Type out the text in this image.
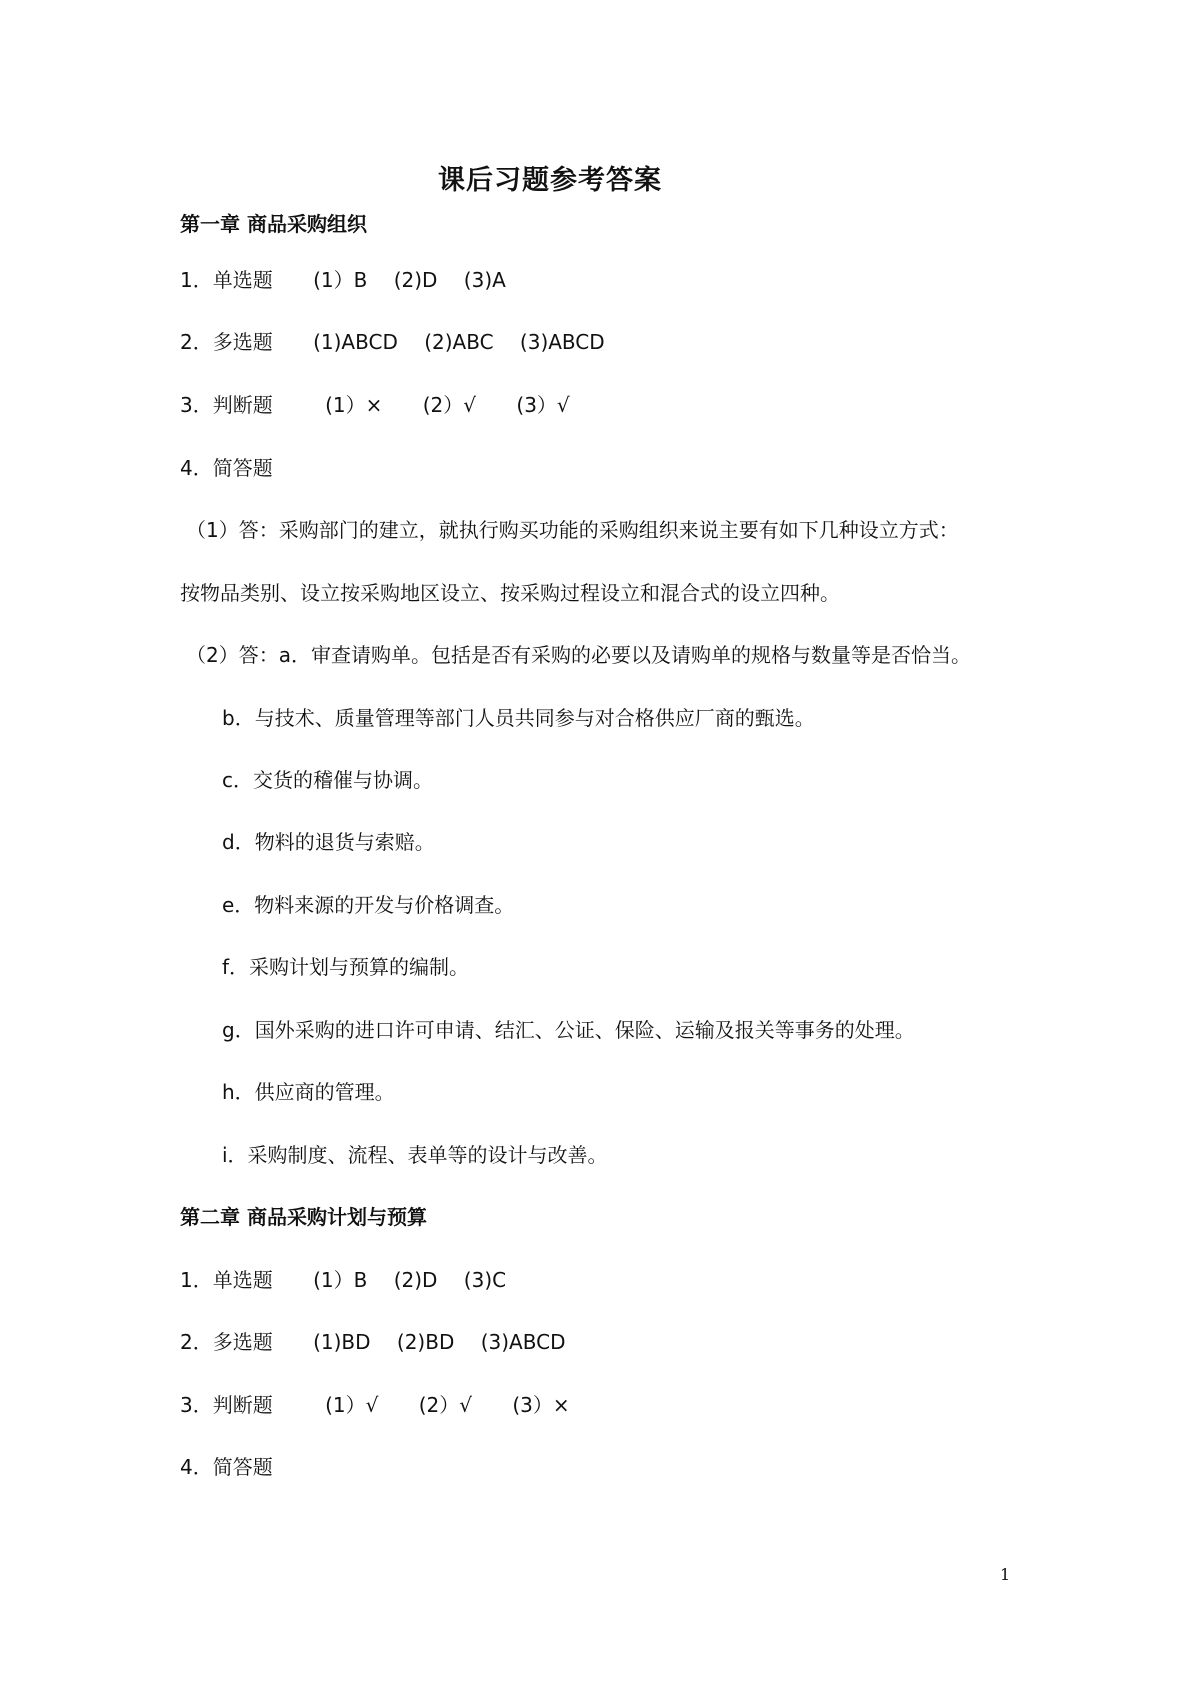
课后习题参考答案
第一章 商品采购组织
1．单选题 (1）B (2)D (3)A
2．多选题 (1)ABCD (2)ABC (3)ABCD
3．判断题	(1）× (2）√ (3）√
4．简答题
（1）答：采购部门的建立，就执行购买功能的采购组织来说主要有如下几种设立方式：
按物品类别、设立按采购地区设立、按采购过程设立和混合式的设立四种。
（2）答：a．审查请购单。包括是否有采购的必要以及请购单的规格与数量等是否恰当。
b．与技术、质量管理等部门人员共同参与对合格供应厂商的甄选。
c．交货的稽催与协调。
d．物料的退货与索赔。
e．物料来源的开发与价格调查。
f．采购计划与预算的编制。
g．国外采购的进口许可申请、结汇、公证、保险、运输及报关等事务的处理。
h．供应商的管理。
i．采购制度、流程、表单等的设计与改善。
第二章 商品采购计划与预算
1．单选题 (1）B (2)D (3)C
2．多选题 (1)BD (2)BD (3)ABCD
3．判断题	(1）√ (2）√ (3）×
4．简答题
1
